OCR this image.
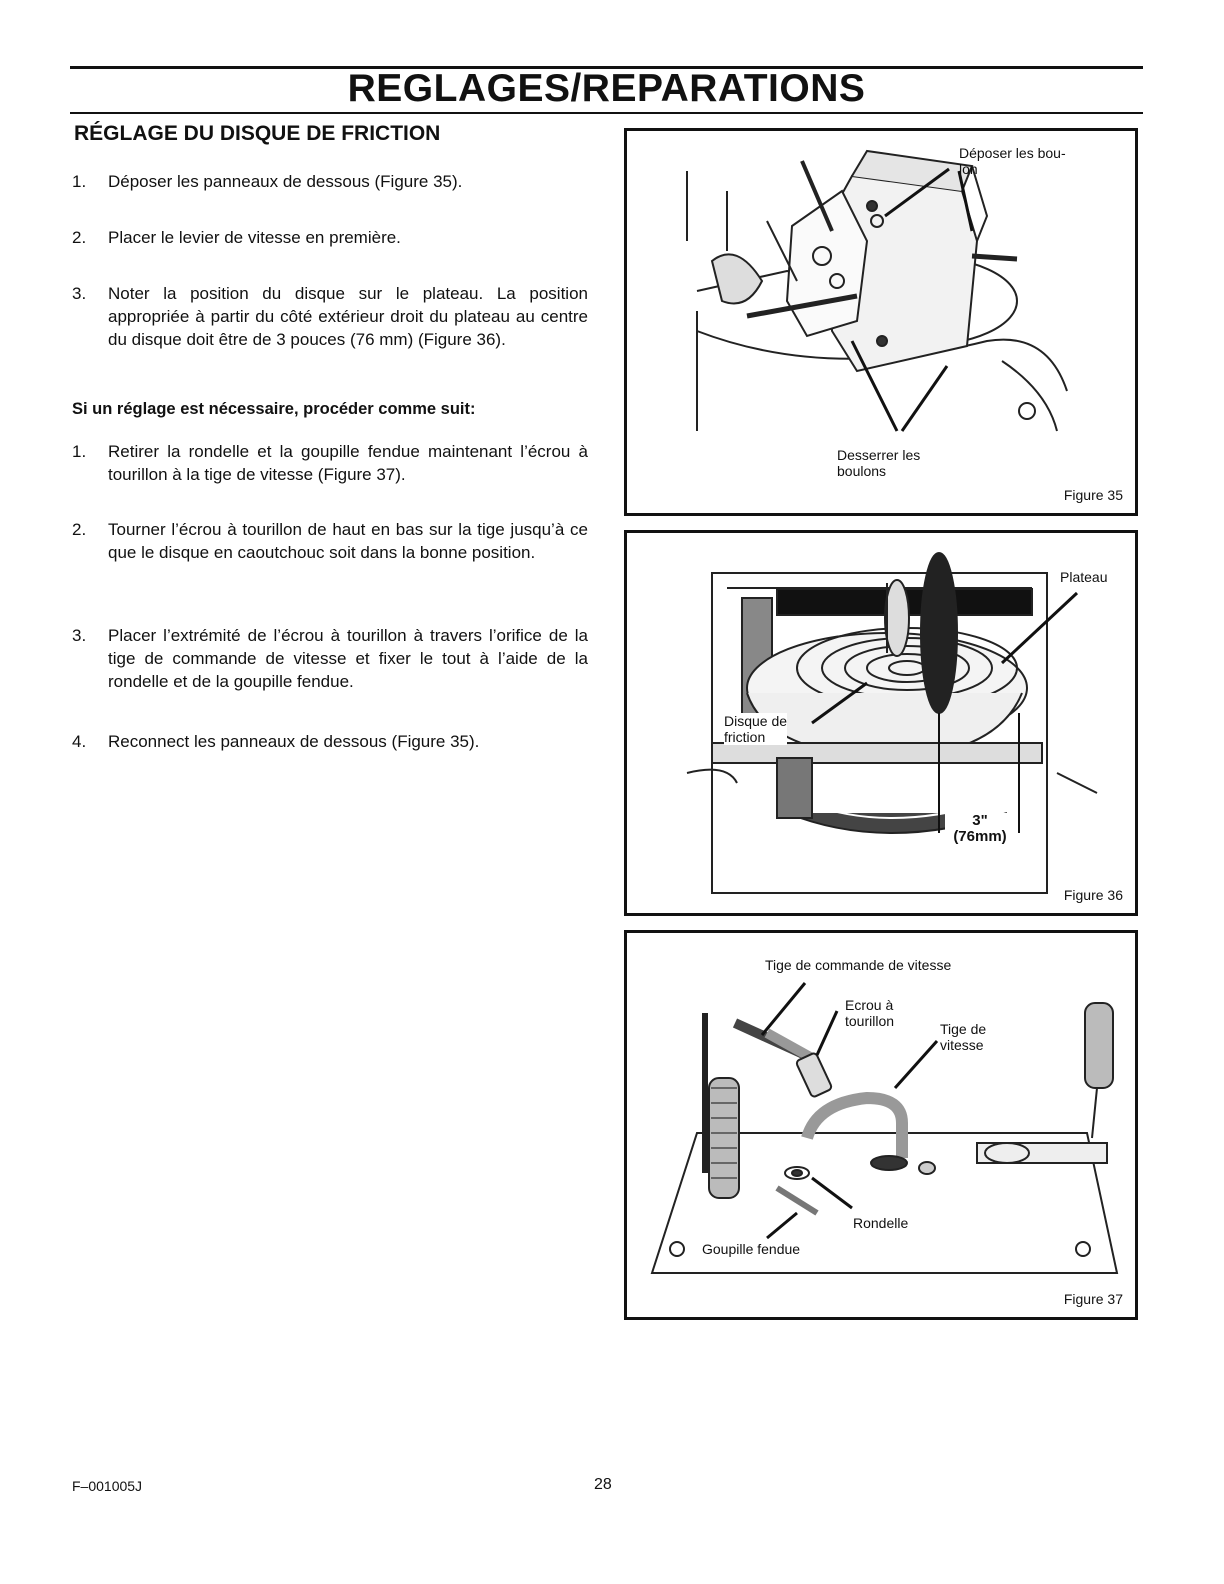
REGLAGES/REPARATIONS
RÉGLAGE DU DISQUE DE FRICTION
1. Déposer les panneaux de dessous (Figure 35).
2. Placer le levier de vitesse en première.
3. Noter la position du disque sur le plateau. La position appropriée à partir du côté extérieur droit du plateau au centre du disque doit être de 3 pouces (76 mm) (Figure 36).
Si un réglage est nécessaire, procéder comme suit:
1. Retirer la rondelle et la goupille fendue maintenant l’écrou à tourillon à la tige de vitesse (Figure 37).
2. Tourner l’écrou à tourillon de haut en bas sur la tige jusqu’à ce que le disque en caoutchouc soit dans la bonne position.
3. Placer l’extrémité de l’écrou à tourillon à travers l’orifice de la tige de commande de vitesse et fixer le tout à l’aide de la rondelle et de la goupille fendue.
4. Reconnect les panneaux de dessous (Figure 35).
Déposer les bou-
lon
Desserrer les
boulons
Figure 35
Plateau
Disque de
friction
3"
(76mm)
Figure 36
Tige de commande de vitesse
Ecrou à
tourillon	Tige de
vitesse
Rondelle
Goupille fendue
Figure 37
F–001005J	28
